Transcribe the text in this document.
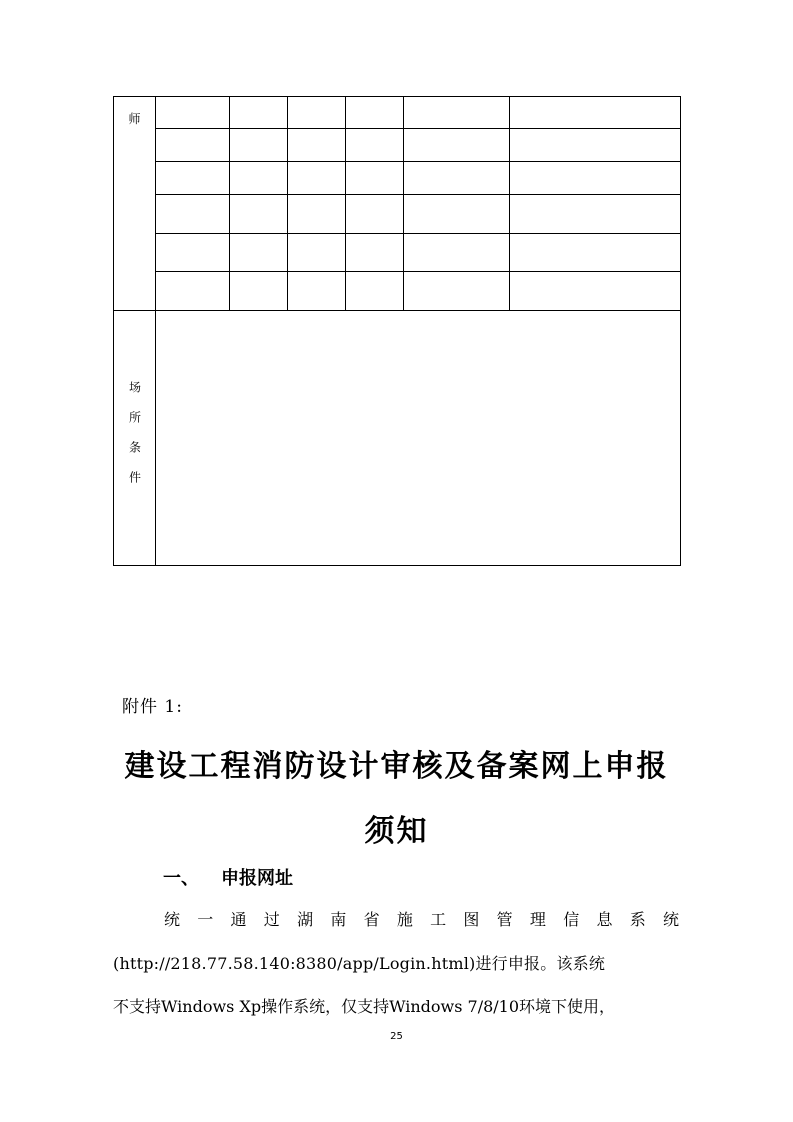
师						

场所条件						
附件 1:
建设工程消防设计审核及备案网上申报
须知
一、 申报网址
统 一 通 过 湖 南 省 施 工 图 管 理 信 息 系 统
(http://218.77.58.140:8380/app/Login.html)进行申报。该系统
不支持Windows Xp操作系统，仅支持Windows 7/8/10环境下使用，
25
